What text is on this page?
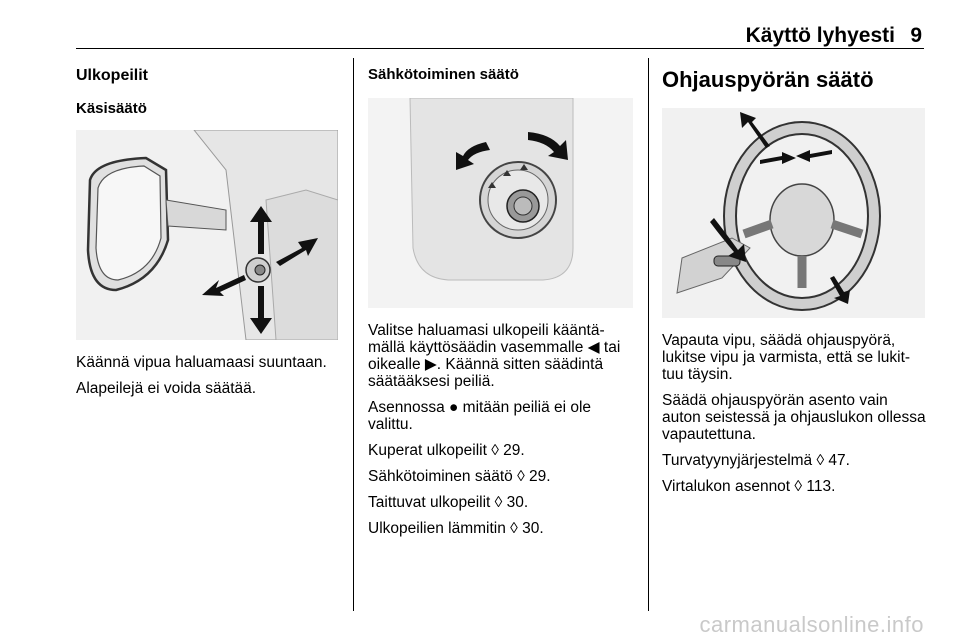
Käyttö lyhyesti 9
Ulkopeilit
Käsisäätö

Käännä vipua haluamaasi suuntaan.

Alapeilejä ei voida säätää.

Sähkötoiminen säätö

Valitse haluamasi ulkopeili kääntä-mällä käyttösäädin vasemmalle ◀ tai oikealle ▶. Käännä sitten säädintä säätääksesi peiliä.

Asennossa ● mitään peiliä ei ole valittu.

Kuperat ulkopeilit ◊ 29.

Sähkötoiminen säätö ◊ 29.

Taittuvat ulkopeilit ◊ 30.

Ulkopeilien lämmitin ◊ 30.

Ohjauspyörän säätö

Vapauta vipu, säädä ohjauspyörä, lukitse vipu ja varmista, että se lukit-tuu täysin.

Säädä ohjauspyörän asento vain auton seistessä ja ohjauslukon ollessa vapautettuna.

Turvatyynyjärjestelmä ◊ 47.

Virtalukon asennot ◊ 113.

carmanualsonline.info
